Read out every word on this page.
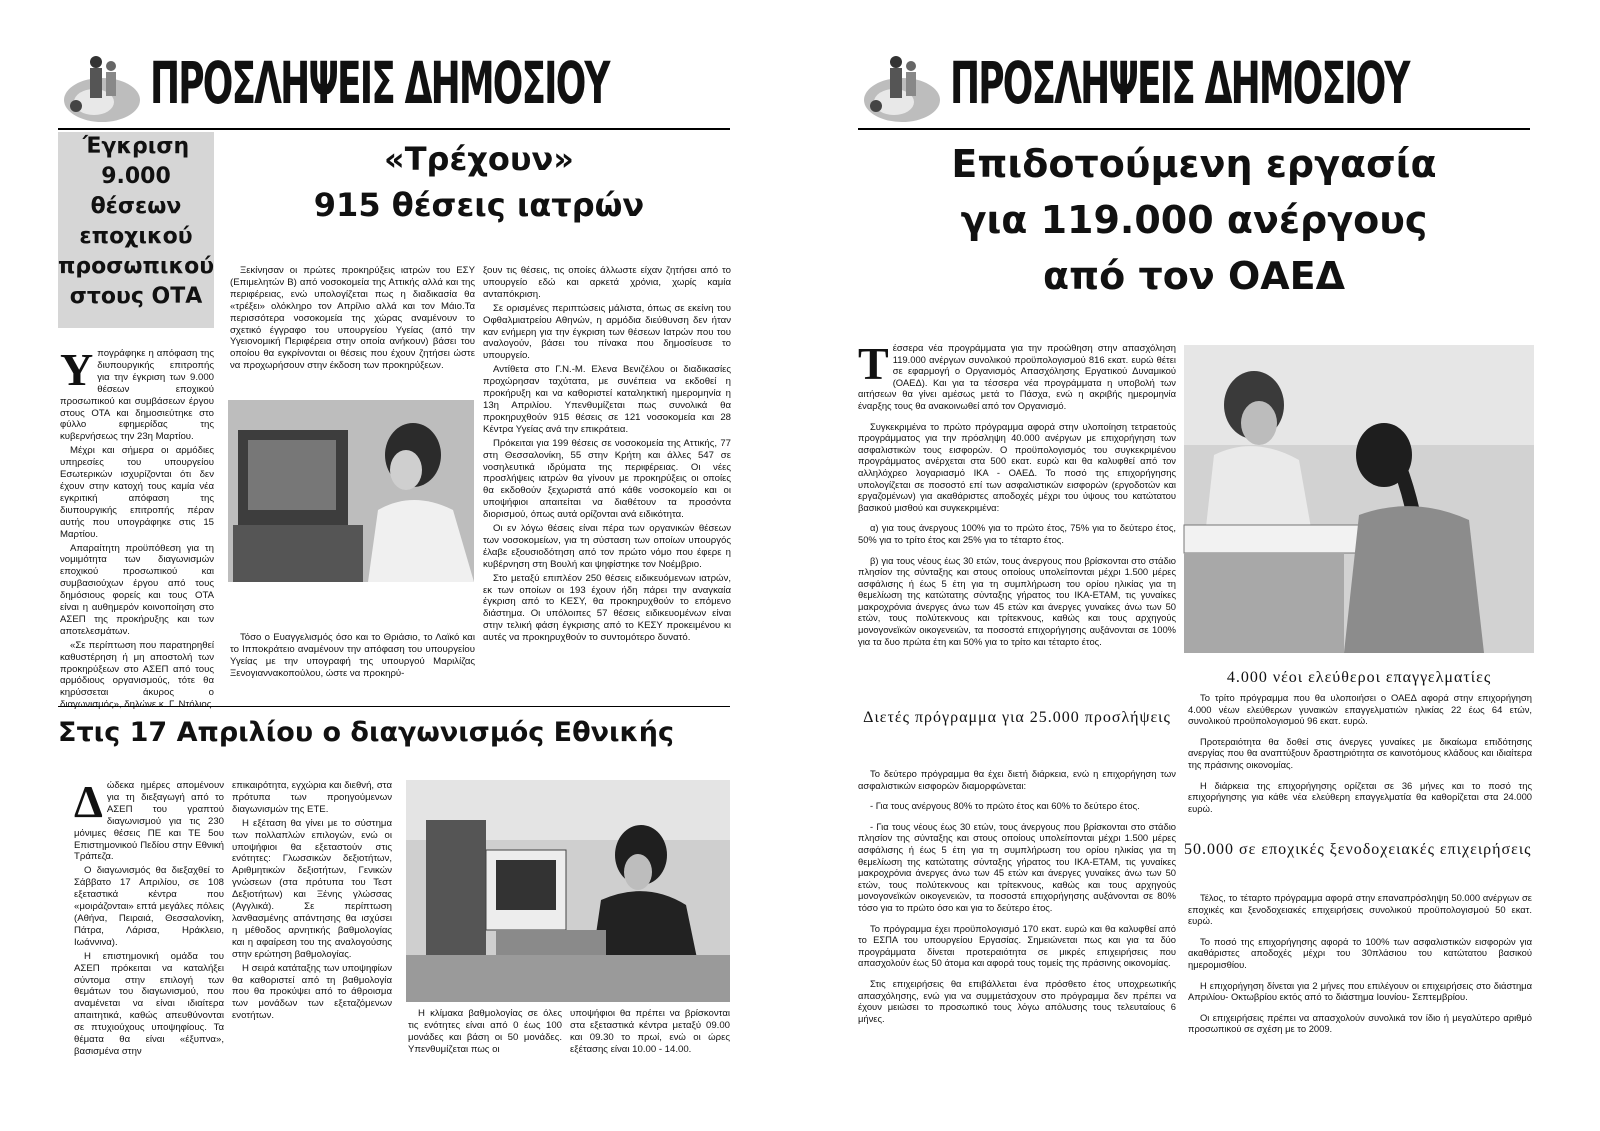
ΠΡΟΣΛΗΨΕΙΣ ΔΗΜΟΣΙΟΥ
Έγκριση
9.000
θέσεων
εποχικού
προσωπικού
στους ΟΤΑ
Υ πογράφηκε η απόφαση της διυπουργικής επιτροπής για την έγκριση των 9.000 θέσεων εποχικού προσωπικού και συμβάσεων έργου στους ΟΤΑ και δημοσιεύτηκε στο φύλλο εφημερίδας της κυβερνήσεως την 23η Μαρτίου.

Μέχρι και σήμερα οι αρμόδιες υπηρεσίες του υπουργείου Εσωτερικών ισχυρίζονται ότι δεν έχουν στην κατοχή τους καμία νέα εγκριτική απόφαση της διυπουργικής επιτροπής πέραν αυτής που υπογράφηκε στις 15 Μαρτίου.

Απαραίτητη προϋπόθεση για τη νομιμότητα των διαγωνισμών εποχικού προσωπικού και συμβασιούχων έργου από τους δημόσιους φορείς και τους ΟΤΑ είναι η αυθημερόν κοινοποίηση στο ΑΣΕΠ της προκήρυξης και των αποτελεσμάτων.

«Σε περίπτωση που παρατηρηθεί καθυστέρηση ή μη αποστολή των προκηρύξεων στο ΑΣΕΠ από τους αρμόδιους οργανισμούς, τότε θα κηρύσσεται άκυρος ο διαγωνισμός», δηλώνε κ. Γ. Ντόλιος.

«Τρέχουν»
915 θέσεις ιατρών

Ξεκίνησαν οι πρώτες προκηρύξεις ιατρών του ΕΣΥ (Επιμελητών Β) από νοσοκομεία της Αττικής αλλά και της περιφέρειας, ενώ υπολογίζεται πως η διαδικασία θα «τρέξει» ολόκληρο τον Απρίλιο αλλά και τον Μάιο.Τα περισσότερα νοσοκομεία της χώρας αναμένουν το σχετικό έγγραφο του υπουργείου Υγείας (από την Υγειονομική Περιφέρεια στην οποία ανήκουν) βάσει του οποίου θα εγκρίνονται οι θέσεις που έχουν ζητήσει ώστε να προχωρήσουν στην έκδοση των προκηρύξεων.

Τόσο ο Ευαγγελισμός όσο και το Θριάσιο, το Λαϊκό και το Ιπποκράτειο αναμένουν την απόφαση του υπουργείου Υγείας με την υπογραφή της υπουργού Μαριλίζας Ξενογιαννακοπούλου, ώστε να προκηρύ-

ξουν τις θέσεις, τις οποίες άλλωστε είχαν ζητήσει από το υπουργείο εδώ και αρκετά χρόνια, χωρίς καμία ανταπόκριση.

Σε ορισμένες περιπτώσεις μάλιστα, όπως σε εκείνη του Οφθαλμιατρείου Αθηνών, η αρμόδια διεύθυνση δεν ήταν καν ενήμερη για την έγκριση των θέσεων Ιατρών που του αναλογούν, βάσει του πίνακα που δημοσίευσε το υπουργείο.

Αντίθετα στο Γ.Ν.-Μ. Ελενα Βενιζέλου οι διαδικασίες προχώρησαν ταχύτατα, με συνέπεια να εκδοθεί η προκήρυξη και να καθοριστεί καταληκτική ημερομηνία η 13η Απριλίου. Υπενθυμίζεται πως συνολικά θα προκηρυχθούν 915 θέσεις σε 121 νοσοκομεία και 28 Κέντρα Υγείας ανά την επικράτεια.

Πρόκειται για 199 θέσεις σε νοσοκομεία της Αττικής, 77 στη Θεσσαλονίκη, 55 στην Κρήτη και άλλες 547 σε νοσηλευτικά ιδρύματα της περιφέρειας. Οι νέες προσλήψεις ιατρών θα γίνουν με προκηρύξεις οι οποίες θα εκδοθούν ξεχωριστά από κάθε νοσοκομείο και οι υποψήφιοι απαιτείται να διαθέτουν τα προσόντα διορισμού, όπως αυτά ορίζονται ανά ειδικότητα.

Οι εν λόγω θέσεις είναι πέρα των οργανικών θέσεων των νοσοκομείων, για τη σύσταση των οποίων υπουργός έλαβε εξουσιοδότηση από τον πρώτο νόμο που έφερε η κυβέρνηση στη Βουλή και ψηφίστηκε τον Νοέμβριο.

Στο μεταξύ επιπλέον 250 θέσεις ειδικευόμενων ιατρών, εκ των οποίων οι 193 έχουν ήδη πάρει την αναγκαία έγκριση από το ΚΕΣΥ, θα προκηρυχθούν το επόμενο διάστημα. Οι υπόλοιπες 57 θέσεις ειδικευομένων είναι στην τελική φάση έγκρισης από το ΚΕΣΥ προκειμένου κι αυτές να προκηρυχθούν το συντομότερο δυνατό.

Στις 17 Απριλίου ο διαγωνισμός Εθνικής
Δ ώδεκα ημέρες απομένουν για τη διεξαγωγή από το ΑΣΕΠ του γραπτού διαγωνισμού για τις 230 μόνιμες θέσεις ΠΕ και ΤΕ 5ου Επιστημονικού Πεδίου στην Εθνική Τράπεζα.

Ο διαγωνισμός θα διεξαχθεί το Σάββατο 17 Απριλίου, σε 108 εξεταστικά κέντρα που «μοιράζονται» επτά μεγάλες πόλεις (Αθήνα, Πειραιά, Θεσσαλονίκη, Πάτρα, Λάρισα, Ηράκλειο, Ιωάννινα).

Η επιστημονική ομάδα του ΑΣΕΠ πρόκειται να καταλήξει σύντομα στην επιλογή των θεμάτων του διαγωνισμού, που αναμένεται να είναι ιδιαίτερα απαιτητικά, καθώς απευθύνονται σε πτυχιούχους υποψηφίους. Τα θέματα θα είναι «έξυπνα», βασισμένα στην

επικαιρότητα, εγχώρια και διεθνή, στα πρότυπα των προηγούμενων διαγωνισμών της ΕΤΕ.

Η εξέταση θα γίνει με το σύστημα των πολλαπλών επιλογών, ενώ οι υποψήφιοι θα εξεταστούν στις ενότητες: Γλωσσικών δεξιοτήτων, Αριθμητικών δεξιοτήτων, Γενικών γνώσεων (στα πρότυπα του Τεστ Δεξιοτήτων) και Ξένης γλώσσας (Αγγλικά). Σε περίπτωση λανθασμένης απάντησης θα ισχύσει η μέθοδος αρνητικής βαθμολογίας και η αφαίρεση του της αναλογούσης στην ερώτηση βαθμολογίας.

Η σειρά κατάταξης των υποψηφίων θα καθοριστεί από τη βαθμολογία που θα προκύψει από το άθροισμα των μονάδων των εξεταζόμενων ενοτήτων.	Η κλίμακα βαθμολογίας σε όλες τις ενότητες είναι από 0 έως 100 μονάδες και βάση οι 50 μονάδες. Υπενθυμίζεται πως οι

υποψήφιοι θα πρέπει να βρίσκονται στα εξεταστικά κέντρα μεταξύ 09.00 και 09.30 το πρωί, ενώ οι ώρες εξέτασης είναι 10.00 - 14.00.

ΠΡΟΣΛΗΨΕΙΣ ΔΗΜΟΣΙΟΥ
Επιδοτούμενη εργασία
για 119.000 ανέργους
από τον ΟΑΕΔ
Τ έσσερα νέα προγράμματα για την προώθηση στην απασχόληση 119.000 ανέργων συνολικού προϋπολογισμού 816 εκατ. ευρώ θέτει σε εφαρμογή ο Οργανισμός Απασχόλησης Εργατικού Δυναμικού (ΟΑΕΔ). Και για τα τέσσερα νέα προγράμματα η υποβολή των αιτήσεων θα γίνει αμέσως μετά το Πάσχα, ενώ η ακριβής ημερομηνία έναρξης τους θα ανακοινωθεί από τον Οργανισμό.

Συγκεκριμένα το πρώτο πρόγραμμα αφορά στην υλοποίηση τετραετούς προγράμματος για την πρόσληψη 40.000 ανέργων με επιχορήγηση των ασφαλιστικών τους εισφορών. Ο προϋπολογισμός του συγκεκριμένου προγράμματος ανέρχεται στα 500 εκατ. ευρώ και θα καλυφθεί από τον αλληλόχρεο λογαριασμό ΙΚΑ - ΟΑΕΔ. Το ποσό της επιχορήγησης υπολογίζεται σε ποσοστό επί των ασφαλιστικών εισφορών (εργοδοτών και εργαζομένων) για ακαθάριστες αποδοχές μέχρι του ύψους του κατώτατου βασικού μισθού και συγκεκριμένα:

α) για τους άνεργους 100% για το πρώτο έτος, 75% για το δεύτερο έτος, 50% για το τρίτο έτος και 25% για το τέταρτο έτος.

β) για τους νέους έως 30 ετών, τους άνεργους που βρίσκονται στο στάδιο πλησίον της σύνταξης και στους οποίους υπολείπονται μέχρι 1.500 μέρες ασφάλισης ή έως 5 έτη για τη συμπλήρωση του ορίου ηλικίας για τη θεμελίωση της κατώτατης σύνταξης γήρατος του ΙΚΑ-ΕΤΑΜ, τις γυναίκες μακροχρόνια άνεργες άνω των 45 ετών και άνεργες γυναίκες άνω των 50 ετών, τους πολύτεκνους και τρίτεκνους, καθώς και τους αρχηγούς μονογονεϊκών οικογενειών, τα ποσοστά επιχορήγησης αυξάνονται σε 100% για τα δυο πρώτα έτη και 50% για το τρίτο και τέταρτο έτος.

Διετές πρόγραμμα για 25.000 προσλήψεις

Το δεύτερο πρόγραμμα θα έχει διετή διάρκεια, ενώ η επιχορήγηση των ασφαλιστικών εισφορών διαμορφώνεται:

- Για τους ανέργους 80% το πρώτο έτος και 60% το δεύτερο έτος.

- Για τους νέους έως 30 ετών, τους άνεργους που βρίσκονται στο στάδιο πλησίον της σύνταξης και στους οποίους υπολείπονται μέχρι 1.500 μέρες ασφάλισης ή έως 5 έτη για τη συμπλήρωση του ορίου ηλικίας για τη θεμελίωση της κατώτατης σύνταξης γήρατος του ΙΚΑ-ΕΤΑΜ, τις γυναίκες μακροχρόνια άνεργες άνω των 45 ετών και άνεργες γυναίκες άνω των 50 ετών, τους πολύτεκνους και τρίτεκνους, καθώς και τους αρχηγούς μονογονεϊκών οικογενειών, τα ποσοστά επιχορήγησης αυξάνονται σε 80% τόσο για το πρώτο όσο και για το δεύτερο έτος.

Το πρόγραμμα έχει προϋπολογισμό 170 εκατ. ευρώ και θα καλυφθεί από το ΕΣΠΑ του υπουργείου Εργασίας. Σημειώνεται πως και για τα δύο προγράμματα δίνεται προτεραιότητα σε μικρές επιχειρήσεις που απασχολούν έως 50 άτομα και αφορά τους τομείς της πράσινης οικονομίας.

Στις επιχειρήσεις θα επιβάλλεται ένα πρόσθετο έτος υποχρεωτικής απασχόλησης, ενώ για να συμμετάσχουν στο πρόγραμμα δεν πρέπει να έχουν μειώσει το προσωπικό τους λόγω απόλυσης τους τελευταίους 6 μήνες.

4.000 νέοι ελεύθεροι επαγγελματίες

Το τρίτο πρόγραμμα που θα υλοποιήσει ο ΟΑΕΔ αφορά στην επιχορήγηση 4.000 νέων ελεύθερων γυναικών επαγγελματιών ηλικίας 22 έως 64 ετών, συνολικού προϋπολογισμού 96 εκατ. ευρώ.

Προτεραιότητα θα δοθεί στις άνεργες γυναίκες με δικαίωμα επιδότησης ανεργίας που θα αναπτύξουν δραστηριότητα σε καινοτόμους κλάδους και ιδιαίτερα της πράσινης οικονομίας.

Η διάρκεια της επιχορήγησης ορίζεται σε 36 μήνες και το ποσό της επιχορήγησης για κάθε νέα ελεύθερη επαγγελματία θα καθορίζεται στα 24.000 ευρώ.

50.000 σε εποχικές ξενοδοχειακές επιχειρήσεις

Τέλος, το τέταρτο πρόγραμμα αφορά στην επαναπρόσληψη 50.000 ανέργων σε εποχικές και ξενοδοχειακές επιχειρήσεις συνολικού προϋπολογισμού 50 εκατ. ευρώ.

Το ποσό της επιχορήγησης αφορά το 100% των ασφαλιστικών εισφορών για ακαθάριστες αποδοχές μέχρι του 30πλάσιου του κατώτατου βασικού ημερομισθίου.

Η επιχορήγηση δίνεται για 2 μήνες που επιλέγουν οι επιχειρήσεις στο διάστημα Απριλίου- Οκτωβρίου εκτός από το διάστημα Ιουνίου- Σεπτεμβρίου.

Οι επιχειρήσεις πρέπει να απασχολούν συνολικά τον ίδιο ή μεγαλύτερο αριθμό προσωπικού σε σχέση με το 2009.
